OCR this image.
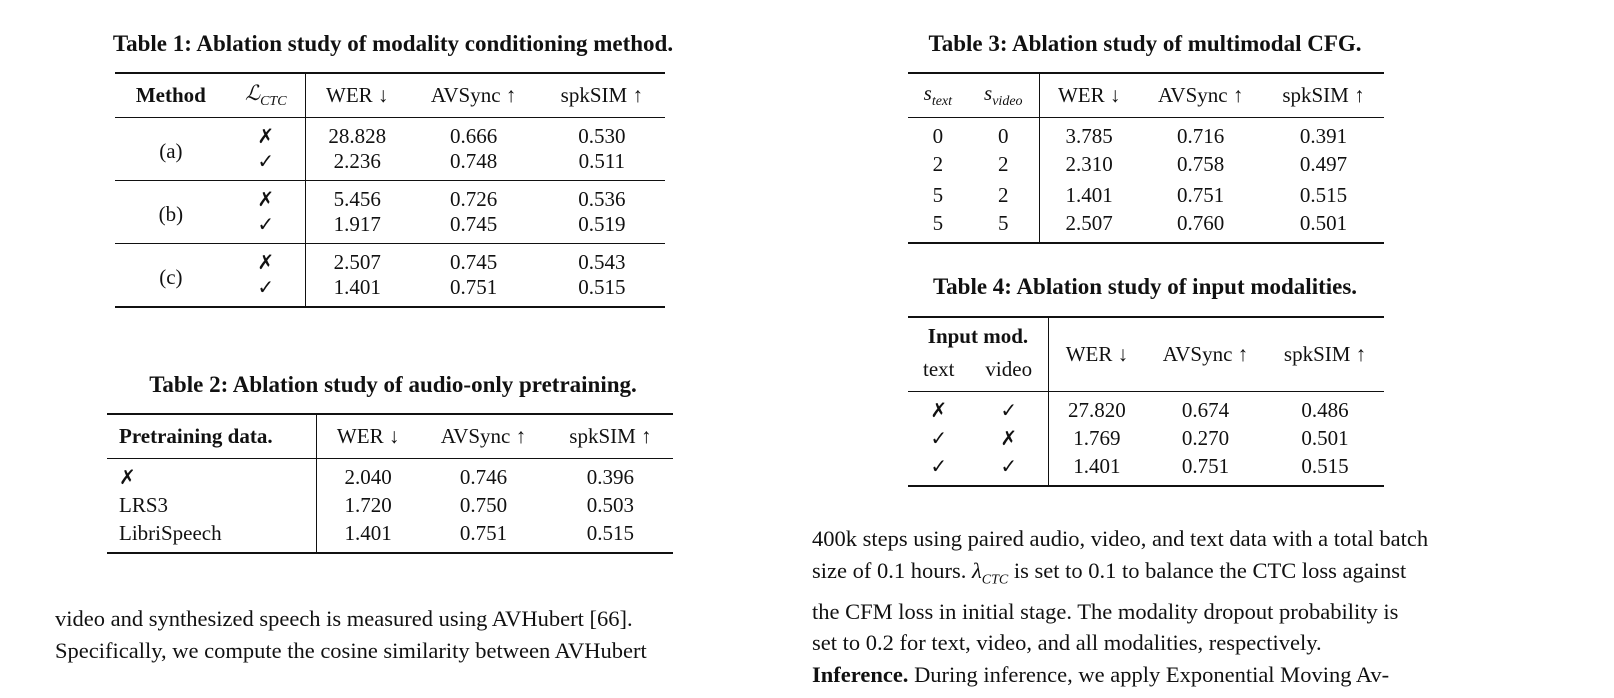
Table 1: Ablation study of modality conditioning method.
Method	ℒ$_{CTC}$	WER ↓	AVSync ↑	spkSIM ↑
(a)	✗	28.828	0.666	0.530
	✓	2.236	0.748	0.511
(b)	✗	5.456	0.726	0.536
	✓	1.917	0.745	0.519
(c)	✗	2.507	0.745	0.543
	✓	1.401	0.751	0.515
Table 2: Ablation study of audio-only pretraining.
Pretraining data.	WER ↓	AVSync ↑	spkSIM ↑
✗	2.040	0.746	0.396
LRS3	1.720	0.750	0.503
LibriSpeech	1.401	0.751	0.515
Table 3: Ablation study of multimodal CFG.
$s_{text}$	$s_{video}$	WER ↓	AVSync ↑	spkSIM ↑
0	0	3.785	0.716	0.391
2	2	2.310	0.758	0.497
5	2	1.401	0.751	0.515
5	5	2.507	0.760	0.501
Table 4: Ablation study of input modalities.
Input mod.		WER ↓	AVSync ↑	spkSIM ↑
text	video			
✗	✓	27.820	0.674	0.486
✓	✗	1.769	0.270	0.501
✓	✓	1.401	0.751	0.515
video and synthesized speech is measured using AVHubert [66].
Specifically, we compute the cosine similarity between AVHubert
400k steps using paired audio, video, and text data with a total batch
size of 0.1 hours. $\lambda_{CTC}$ is set to 0.1 to balance the CTC loss against
the CFM loss in initial stage. The modality dropout probability is
set to 0.2 for text, video, and all modalities, respectively.
Inference. During inference, we apply Exponential Moving Av-
